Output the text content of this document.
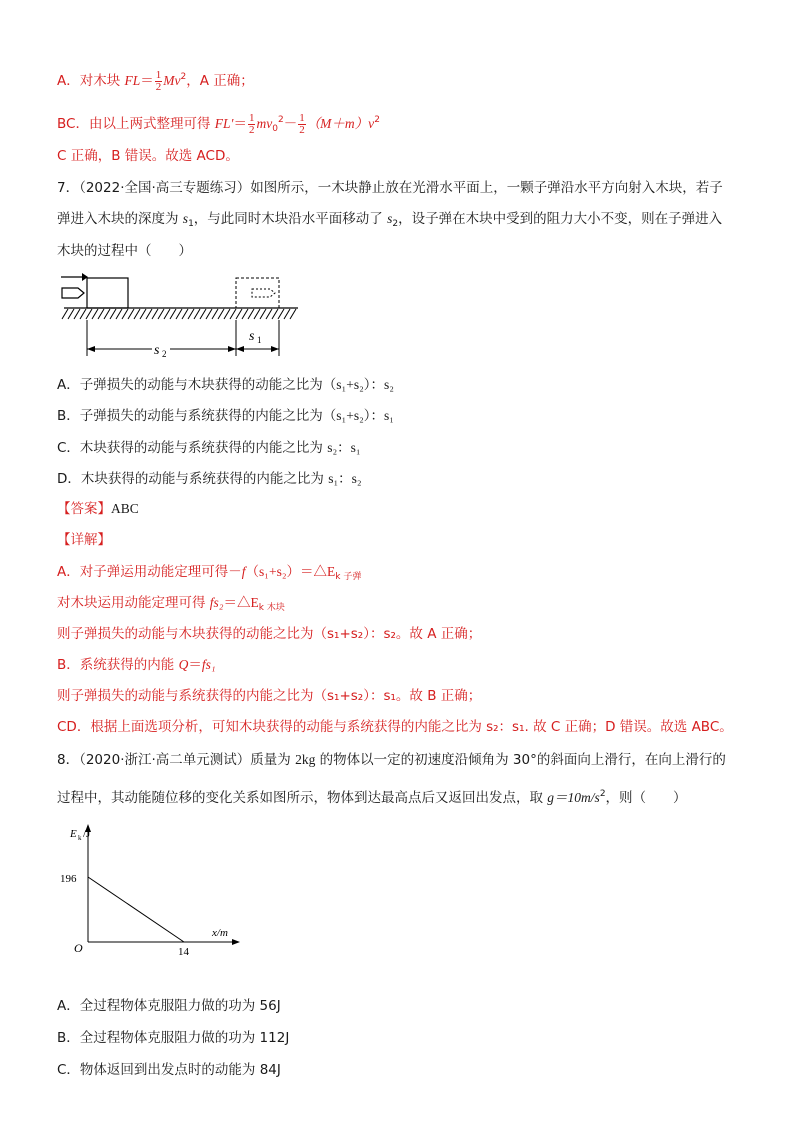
A．对木块 $FL= \frac{1}{2} Mv^2$，A 正确；
BC．由以上两式整理可得 $FL'= \frac{1}{2} mv_0^2- \frac{1}{2} (M+m)v^2$
C 正确，B 错误。故选 ACD。
7．（2022·全国·高三专题练习）如图所示，一木块静止放在光滑水平面上，一颗子弹沿水平方向射入木块，若子
弹进入木块的深度为 $s_1$，与此同时木块沿水平面移动了 $s_2$，设子弹在木块中受到的阻力大小不变，则在子弹进入
木块的过程中（　　）
s 2
s 1
A．子弹损失的动能与木块获得的动能之比为（s₁+s₂）：s₂
B．子弹损失的动能与系统获得的内能之比为（s₁+s₂）：s₁
C．木块获得的动能与系统获得的内能之比为 s₂：s₁
D．木块获得的动能与系统获得的内能之比为 s₁：s₂
【答案】ABC
【详解】
A．对子弹运用动能定理可得$-f(s_1+s_2)=\triangle E_{k 子弹}$
对木块运用动能定理可得 $fs_2=\triangle E_{k 木块}$
则子弹损失的动能与木块获得的动能之比为（s₁+s₂）：s₂。故 A 正确；
B．系统获得的内能 Q＝fs₁
则子弹损失的动能与系统获得的内能之比为（s₁+s₂）：s₁。故 B 正确；
CD．根据上面选项分析，可知木块获得的动能与系统获得的内能之比为 s₂：s₁. 故 C 正确；D 错误。故选 ABC。
8．（2020·浙江·高二单元测试）质量为 2kg 的物体以一定的初速度沿倾角为 30°的斜面向上滑行，在向上滑行的
过程中，其动能随位移的变化关系如图所示，物体到达最高点后又返回出发点，取 $g=10m/s^2$，则（　　）
E k /J
x/m
O
196
14
A．全过程物体克服阻力做的功为 56J
B．全过程物体克服阻力做的功为 112J
C．物体返回到出发点时的动能为 84J
